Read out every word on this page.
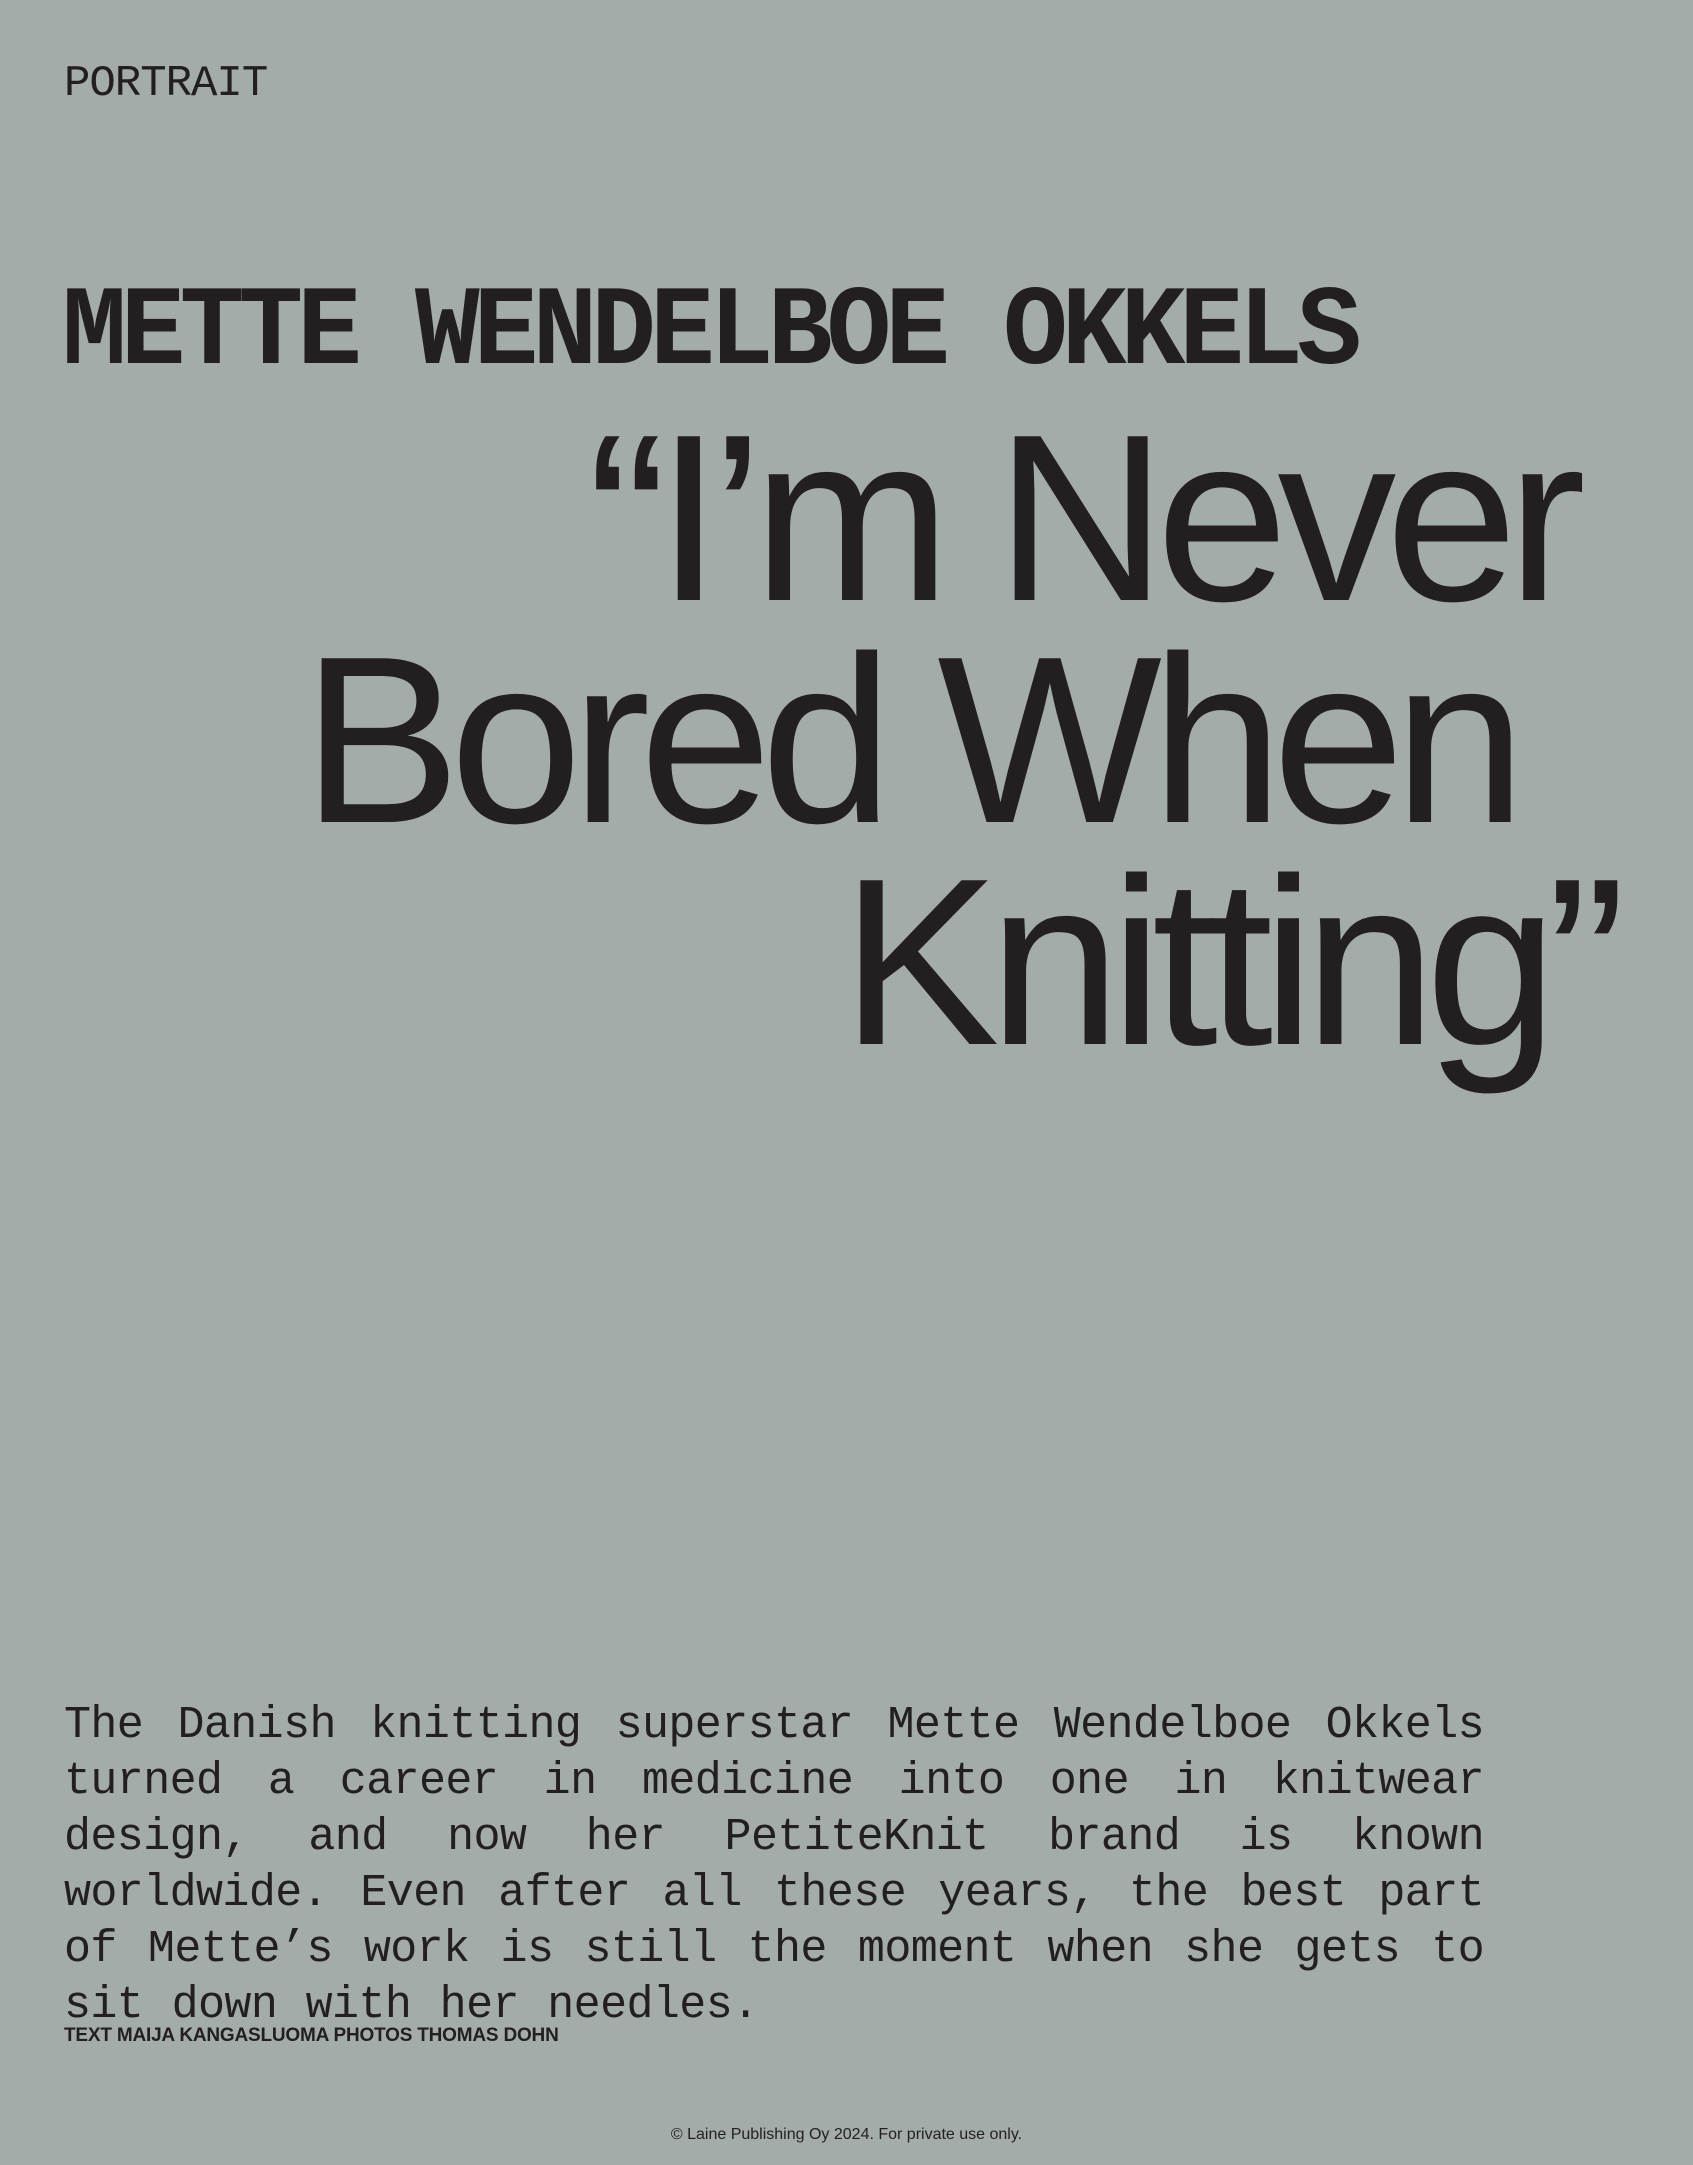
PORTRAIT
METTE WENDELBOE OKKELS
“I’m Never
Bored When
Knitting”

The Danish knitting superstar Mette Wendelboe Okkels turned a career in medicine into one in knitwear design, and now her PetiteKnit brand is known worldwide. Even after all these years, the best part of Mette’s work is still the moment when she gets to sit down with her needles.

TEXT MAIJA KANGASLUOMA PHOTOS THOMAS DOHN

© Laine Publishing Oy 2024. For private use only.
